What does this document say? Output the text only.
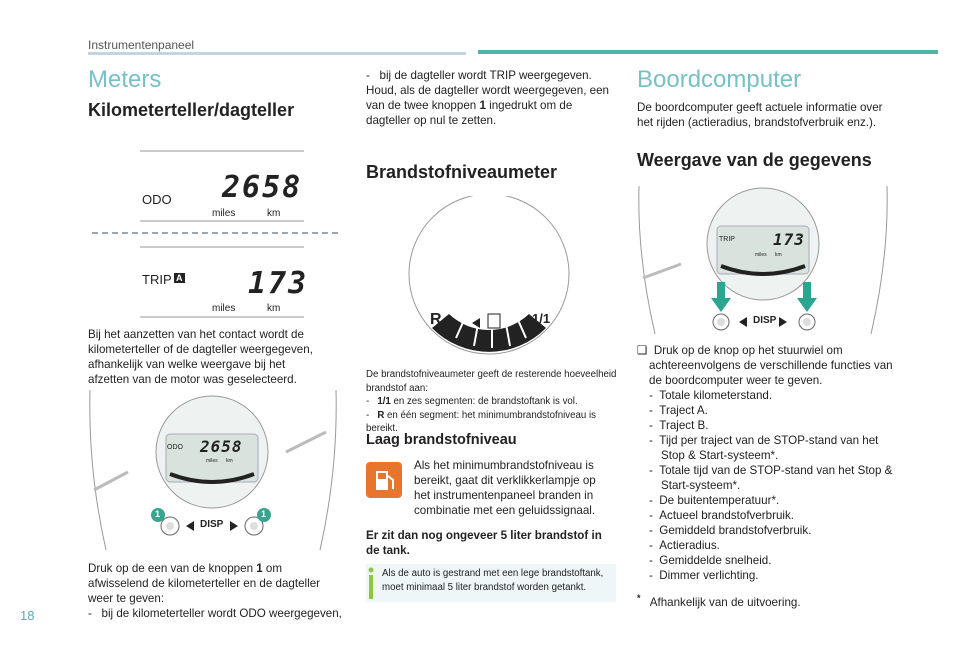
Instrumentenpaneel
Meters
Kilometerteller/dagteller
ODO 2658
miles	km
TRIP A 173
miles	km
Bij het aanzetten van het contact wordt de kilometerteller of de dagteller weergegeven, afhankelijk van welke weergave bij het afzetten van de motor was geselecteerd.
ODO 2658
miles      km
DISP
1	1
Druk op de een van de knoppen 1 om afwisselend de kilometerteller en de dagteller weer te geven:
-   bij de kilometerteller wordt ODO weergegeven,
-   bij de dagteller wordt TRIP weergegeven.
Houd, als de dagteller wordt weergegeven, een van de twee knoppen 1 ingedrukt om de dagteller op nul te zetten.
Brandstofniveaumeter
R	1/1
De brandstofniveaumeter geeft de resterende hoeveelheid brandstof aan:
-   1/1 en zes segmenten: de brandstoftank is vol.
-   R en één segment: het minimumbrandstofniveau is bereikt.
Laag brandstofniveau
Als het minimumbrandstofniveau is bereikt, gaat dit verklikkerlampje op het instrumentenpaneel branden in combinatie met een geluidssignaal.
Er zit dan nog ongeveer 5 liter brandstof in de tank.
Als de auto is gestrand met een lege brandstoftank, moet minimaal 5 liter brandstof worden getankt.
Boordcomputer
De boordcomputer geeft actuele informatie over het rijden (actieradius, brandstofverbruik enz.).
Weergave van de gegevens
TRIP 173
miles      km
DISP

❑  Druk op de knop op het stuurwiel om achtereenvolgens de verschillende functies van de boordcomputer weer te geven.

-  Totale kilometerstand.
-  Traject A.
-  Traject B.
-  Tijd per traject van de STOP-stand van het Stop & Start-systeem*.
-  Totale tijd van de STOP-stand van het Stop & Start-systeem*.
-  De buitentemperatuur*.
-  Actueel brandstofverbruik.
-  Gemiddeld brandstofverbruik.
-  Actieradius.
-  Gemiddelde snelheid.
-  Dimmer verlichting.
* Afhankelijk van de uitvoering.
18
